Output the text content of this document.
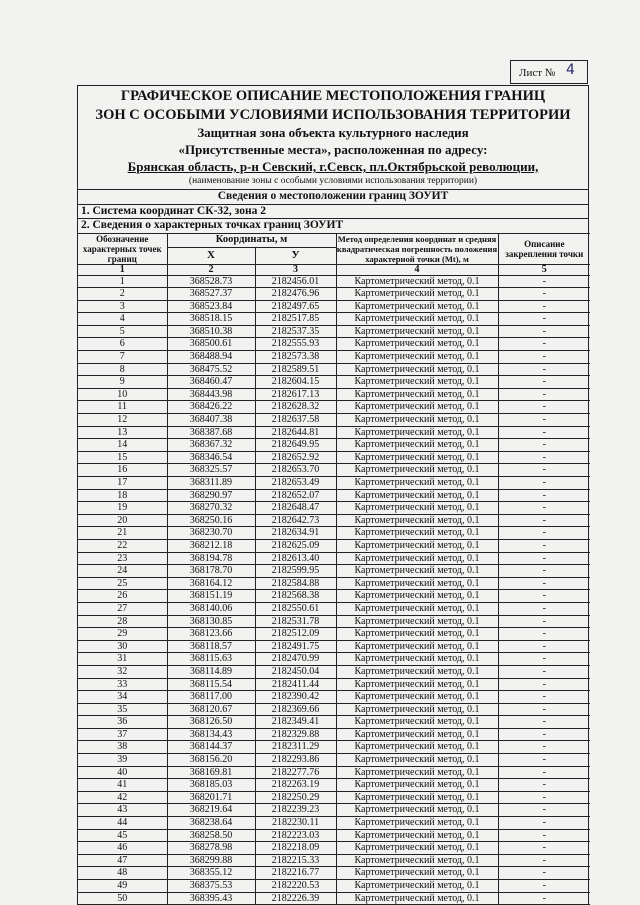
Лист № 4
ГРАФИЧЕСКОЕ ОПИСАНИЕ МЕСТОПОЛОЖЕНИЯ ГРАНИЦ
ЗОН С ОСОБЫМИ УСЛОВИЯМИ ИСПОЛЬЗОВАНИЯ ТЕРРИТОРИИ
Защитная зона объекта культурного наследия
«Присутственные места», расположенная по адресу:
Брянская область, р-н Севский, г.Севск, пл.Октябрьской революции,
(наименование зоны с особыми условиями использования территории)
Сведения о местоположении границ ЗОУИТ
1. Система координат СК-32, зона 2
2. Сведения о характерных точках границ ЗОУИТ
Обозначение характерных точек границ	Координаты, м		Метод определения координат и средняя квадратическая погрешность положения характерной точки (Мt), м	Описание закрепления точки
	X	У		
1	2	3	4	5
1	368528.73	2182456.01	Картометрический метод, 0.1	-
2	368527.37	2182476.96	Картометрический метод, 0.1	-
3	368523.84	2182497.65	Картометрический метод, 0.1	-
4	368518.15	2182517.85	Картометрический метод, 0.1	-
5	368510.38	2182537.35	Картометрический метод, 0.1	-
6	368500.61	2182555.93	Картометрический метод, 0.1	-
7	368488.94	2182573.38	Картометрический метод, 0.1	-
8	368475.52	2182589.51	Картометрический метод, 0.1	-
9	368460.47	2182604.15	Картометрический метод, 0.1	-
10	368443.98	2182617.13	Картометрический метод, 0.1	-
11	368426.22	2182628.32	Картометрический метод, 0.1	-
12	368407.38	2182637.58	Картометрический метод, 0.1	-
13	368387.68	2182644.81	Картометрический метод, 0.1	-
14	368367.32	2182649.95	Картометрический метод, 0.1	-
15	368346.54	2182652.92	Картометрический метод, 0.1	-
16	368325.57	2182653.70	Картометрический метод, 0.1	-
17	368311.89	2182653.49	Картометрический метод, 0.1	-
18	368290.97	2182652.07	Картометрический метод, 0.1	-
19	368270.32	2182648.47	Картометрический метод, 0.1	-
20	368250.16	2182642.73	Картометрический метод, 0.1	-
21	368230.70	2182634.91	Картометрический метод, 0.1	-
22	368212.18	2182625.09	Картометрический метод, 0.1	-
23	368194.78	2182613.40	Картометрический метод, 0.1	-
24	368178.70	2182599.95	Картометрический метод, 0.1	-
25	368164.12	2182584.88	Картометрический метод, 0.1	-
26	368151.19	2182568.38	Картометрический метод, 0.1	-
27	368140.06	2182550.61	Картометрический метод, 0.1	-
28	368130.85	2182531.78	Картометрический метод, 0.1	-
29	368123.66	2182512.09	Картометрический метод, 0.1	-
30	368118.57	2182491.75	Картометрический метод, 0.1	-
31	368115.63	2182470.99	Картометрический метод, 0.1	-
32	368114.89	2182450.04	Картометрический метод, 0.1	-
33	368115.54	2182411.44	Картометрический метод, 0.1	-
34	368117.00	2182390.42	Картометрический метод, 0.1	-
35	368120.67	2182369.66	Картометрический метод, 0.1	-
36	368126.50	2182349.41	Картометрический метод, 0.1	-
37	368134.43	2182329.88	Картометрический метод, 0.1	-
38	368144.37	2182311.29	Картометрический метод, 0.1	-
39	368156.20	2182293.86	Картометрический метод, 0.1	-
40	368169.81	2182277.76	Картометрический метод, 0.1	-
41	368185.03	2182263.19	Картометрический метод, 0.1	-
42	368201.71	2182250.29	Картометрический метод, 0.1	-
43	368219.64	2182239.23	Картометрический метод, 0.1	-
44	368238.64	2182230.11	Картометрический метод, 0.1	-
45	368258.50	2182223.03	Картометрический метод, 0.1	-
46	368278.98	2182218.09	Картометрический метод, 0.1	-
47	368299.88	2182215.33	Картометрический метод, 0.1	-
48	368355.12	2182216.77	Картометрический метод, 0.1	-
49	368375.53	2182220.53	Картометрический метод, 0.1	-
50	368395.43	2182226.39	Картометрический метод, 0.1	-
